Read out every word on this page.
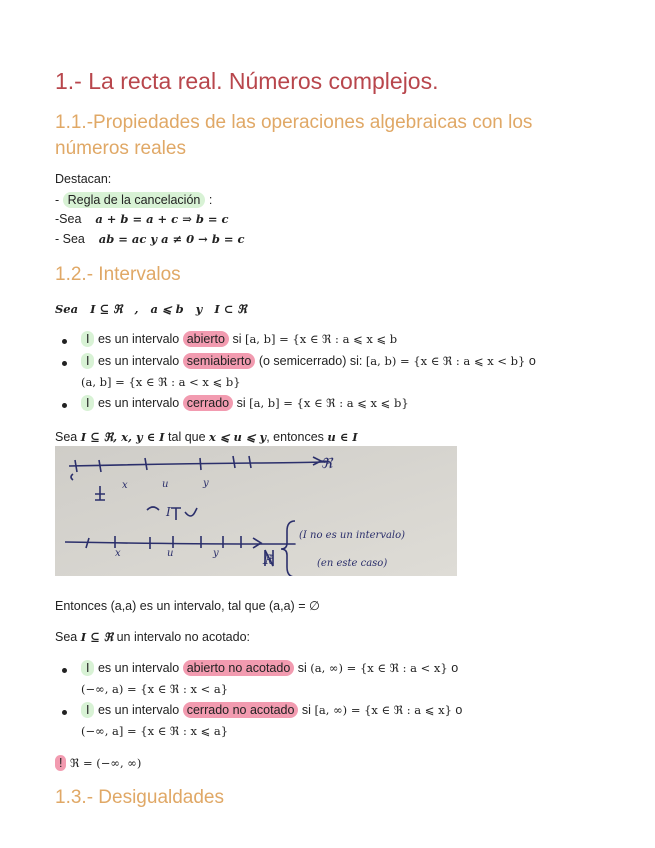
1.- La recta real. Números complejos.
1.1.-Propiedades de las operaciones algebraicas con los
números reales
Destacan:
- Regla de la cancelación :
-Sea a + b = a + c ⇒ b = c
- Sea ab = ac y a ≠ 0 → b = c
1.2.- Intervalos
Sea   I ⊆ ℜ   ,   a ⩽ b   y   I ⊂ ℜ
I es un intervalo abierto si [a, b] = {x ∈ ℜ : a ⩽ x ⩽ b
I es un intervalo semiabierto (o semicerrado) si: [a, b) = {x ∈ ℜ : a ⩽ x < b} o
(a, b] = {x ∈ ℜ : a < x ⩽ b}
I es un intervalo cerrado si [a, b] = {x ∈ ℜ : a ⩽ x ⩽ b}
Sea I ⊆ ℜ, x, y ∈ I tal que x ⩽ u ⩽ y, entonces u ∈ I
x	u	y
ℜ
I
x	u	y	ℝ
(I no es un intervalo)
(en este caso)
Entonces (a,a) es un intervalo, tal que (a,a) = ∅
Sea I ⊆ ℜ un intervalo no acotado:
I es un intervalo abierto no acotado si (a, ∞) = {x ∈ ℜ : a < x} o
(−∞, a) = {x ∈ ℜ : x < a}
I es un intervalo cerrado no acotado si [a, ∞) = {x ∈ ℜ : a ⩽ x} o
(−∞, a] = {x ∈ ℜ : x ⩽ a}
! ℜ = (−∞, ∞)
1.3.- Desigualdades
